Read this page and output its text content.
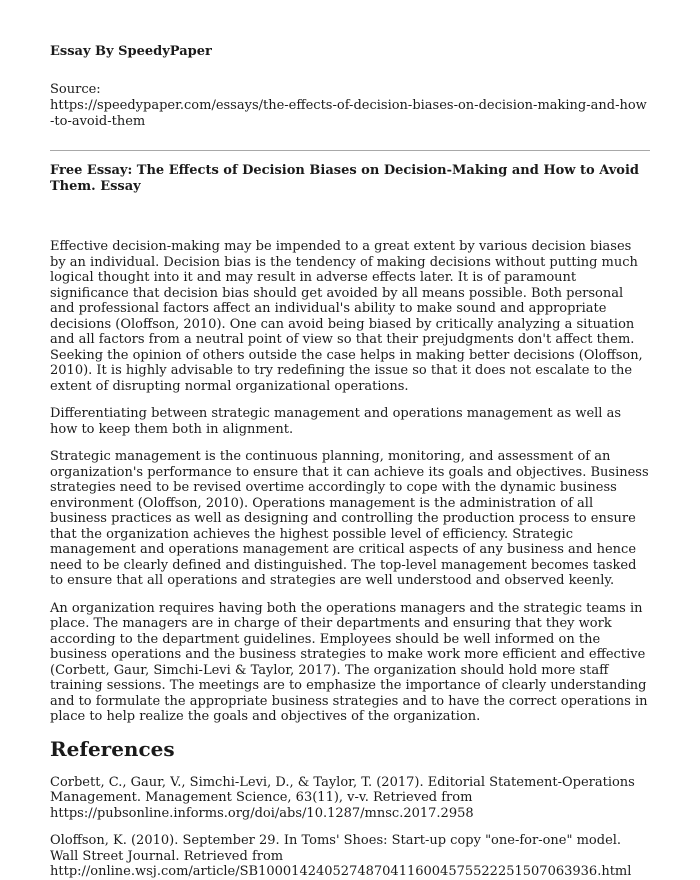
Essay By SpeedyPaper

Source:

https://speedypaper.com/essays/the-effects-of-decision-biases-on-decision-making-and-how-to-avoid-them

Free Essay: The Effects of Decision Biases on Decision-Making and How to Avoid Them. Essay

Effective decision-making may be impended to a great extent by various decision biases by an individual. Decision bias is the tendency of making decisions without putting much logical thought into it and may result in adverse effects later. It is of paramount significance that decision bias should get avoided by all means possible. Both personal and professional factors affect an individual's ability to make sound and appropriate decisions (Oloffson, 2010). One can avoid being biased by critically analyzing a situation and all factors from a neutral point of view so that their prejudgments don't affect them. Seeking the opinion of others outside the case helps in making better decisions (Oloffson, 2010). It is highly advisable to try redefining the issue so that it does not escalate to the extent of disrupting normal organizational operations.

Differentiating between strategic management and operations management as well as how to keep them both in alignment.

Strategic management is the continuous planning, monitoring, and assessment of an organization's performance to ensure that it can achieve its goals and objectives. Business strategies need to be revised overtime accordingly to cope with the dynamic business environment (Oloffson, 2010). Operations management is the administration of all business practices as well as designing and controlling the production process to ensure that the organization achieves the highest possible level of efficiency. Strategic management and operations management are critical aspects of any business and hence need to be clearly defined and distinguished. The top-level management becomes tasked to ensure that all operations and strategies are well understood and observed keenly.

An organization requires having both the operations managers and the strategic teams in place. The managers are in charge of their departments and ensuring that they work according to the department guidelines. Employees should be well informed on the business operations and the business strategies to make work more efficient and effective (Corbett, Gaur, Simchi-Levi & Taylor, 2017). The organization should hold more staff training sessions. The meetings are to emphasize the importance of clearly understanding and to formulate the appropriate business strategies and to have the correct operations in place to help realize the goals and objectives of the organization.

References

Corbett, C., Gaur, V., Simchi-Levi, D., & Taylor, T. (2017). Editorial Statement-Operations Management. Management Science, 63(11), v-v. Retrieved from https://pubsonline.informs.org/doi/abs/10.1287/mnsc.2017.2958

Oloffson, K. (2010). September 29. In Toms' Shoes: Start-up copy "one-for-one" model. Wall Street Journal. Retrieved from http://online.wsj.com/article/SB10001424052748704116004575522251507063936.html
